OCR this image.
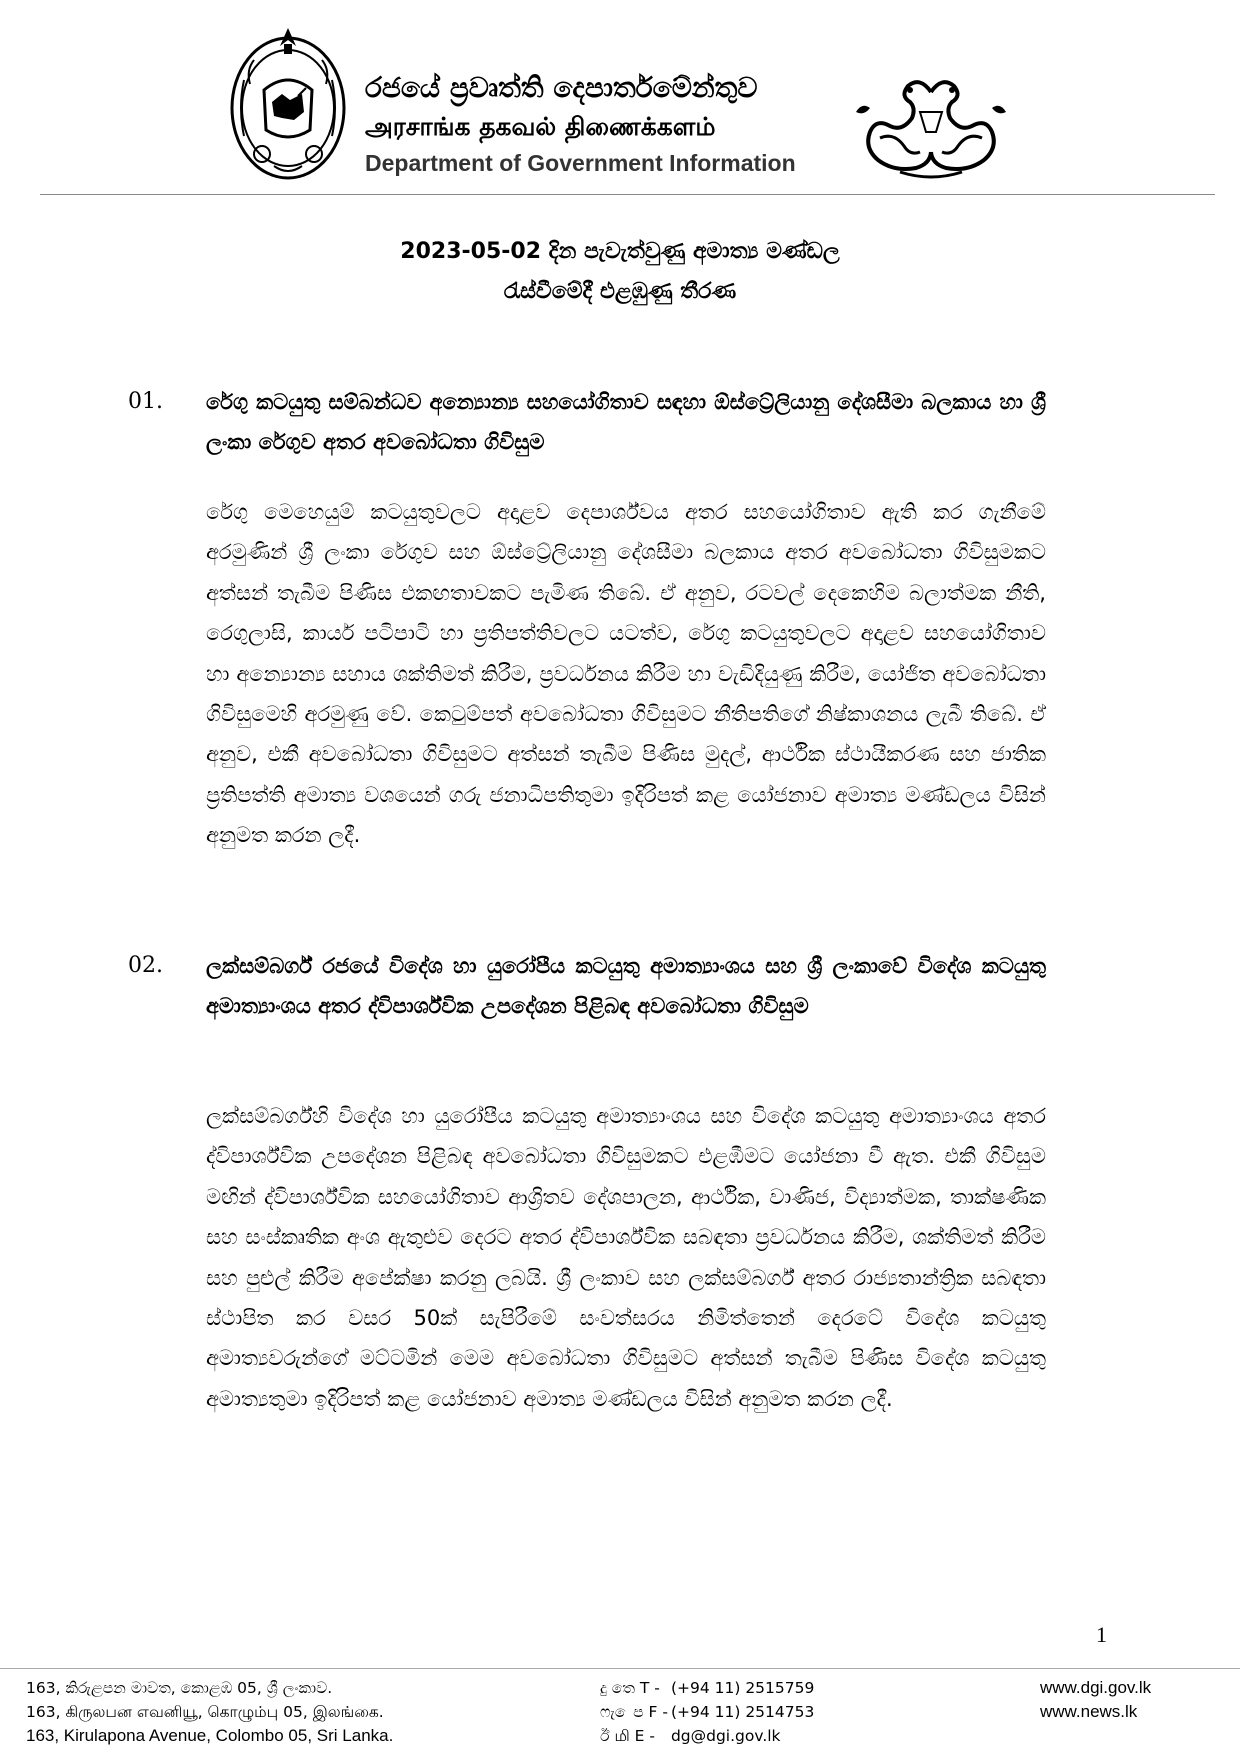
රජයේ ප්‍රවෘත්ති දෙපාර්තමේන්තුව
அரசாங்க தகவல் திணைக்களம்
Department of Government Information
2023-05-02 දින පැවැත්වුණු අමාත්‍ය මණ්ඩල
රැස්වීමේදී එළඹුණු තීරණ
01. රේගු කටයුතු සම්බන්ධව අන්‍යොන්‍ය සහයෝගිතාව සඳහා ඕස්ට්‍රේලියානු දේශසීමා බලකාය හා ශ්‍රී ලංකා රේගුව අතර අවබෝධතා ගිවිසුම
රේගු මෙහෙයුම් කටයුතුවලට අදාළව දෙපාර්ශ්වය අතර සහයෝගිතාව ඇති කර ගැනීමේ අරමුණින් ශ්‍රී ලංකා රේගුව සහ ඕස්ට්‍රේලියානු දේශසීමා බලකාය අතර අවබෝධතා ගිවිසුමකට අත්සන් තැබීම පිණිස එකඟතාවකට පැමිණ තිබේ. ඒ අනුව, රටවල් දෙකෙහිම බලාත්මක නීති, රෙගුලාසි, කාර්ය පටිපාටි හා ප්‍රතිපත්තිවලට යටත්ව, රේගු කටයුතුවලට අදාළව සහයෝගිතාව හා අන්‍යොන්‍ය සහාය ශක්තිමත් කිරීම, ප්‍රවර්ධනය කිරීම හා වැඩිදියුණු කිරීම, යෝජිත අවබෝධතා ගිවිසුමෙහි අරමුණු වේ. කෙටුම්පත් අවබෝධතා ගිවිසුමට නීතිපතිගේ නිෂ්කාශනය ලැබී තිබේ. ඒ අනුව, එකී අවබෝධතා ගිවිසුමට අත්සන් තැබීම පිණිස මුදල්, ආර්ථික ස්ථායීකරණ සහ ජාතික ප්‍රතිපත්ති අමාත්‍ය වශයෙන් ගරු ජනාධිපතිතුමා ඉදිරිපත් කළ යෝජනාව අමාත්‍ය මණ්ඩලය විසින් අනුමත කරන ලදී.
02. ලක්සම්බර්ග් රජයේ විදේශ හා යුරෝපීය කටයුතු අමාත්‍යාංශය සහ ශ්‍රී ලංකාවේ විදේශ කටයුතු අමාත්‍යාංශය අතර ද්විපාර්ශ්වික උපදේශන පිළිබඳ අවබෝධතා ගිවිසුම
ලක්සම්බර්ග්හි විදේශ හා යුරෝපීය කටයුතු අමාත්‍යාංශය සහ විදේශ කටයුතු අමාත්‍යාංශය අතර ද්විපාර්ශ්වික උපදේශන පිළිබඳ අවබෝධතා ගිවිසුමකට එළඹීමට යෝජනා වී ඇත. එකී ගිවිසුම මඟින් ද්විපාර්ශ්වික සහයෝගිතාව ආශ්‍රිතව දේශපාලන, ආර්ථික, වාණිජ, විද්‍යාත්මක, තාක්ෂණික සහ සංස්කෘතික අංශ ඇතුළුව දෙරට අතර ද්විපාර්ශ්වික සබඳතා ප්‍රවර්ධනය කිරීම, ශක්තිමත් කිරීම සහ පුළුල් කිරීම අපේක්ෂා කරනු ලබයි. ශ්‍රී ලංකාව සහ ලක්සම්බර්ග් අතර රාජ්‍යතාන්ත්‍රික සබඳතා ස්ථාපිත කර වසර 50ක් සැපිරීමේ සංවත්සරය නිමිත්තෙන් දෙරටේ විදේශ කටයුතු අමාත්‍යවරුන්ගේ මට්ටමින් මෙම අවබෝධතා ගිවිසුමට අත්සන් තැබීම පිණිස විදේශ කටයුතු අමාත්‍යතුමා ඉදිරිපත් කළ යෝජනාව අමාත්‍ය මණ්ඩලය විසින් අනුමත කරන ලදී.
1
163, කිරුළපන මාවත, කොළඹ 05, ශ්‍රී ලංකාව.
163, கிருலபன எவனியூ, கொழும்பு 05, இலங்கை.
163, Kirulapona Avenue, Colombo 05, Sri Lanka.
දු තෙ T - (+94 11) 2515759
ෆැ ෙප F - (+94 11) 2514753
ඊ மி E - dg@dgi.gov.lk
www.dgi.gov.lk
www.news.lk
